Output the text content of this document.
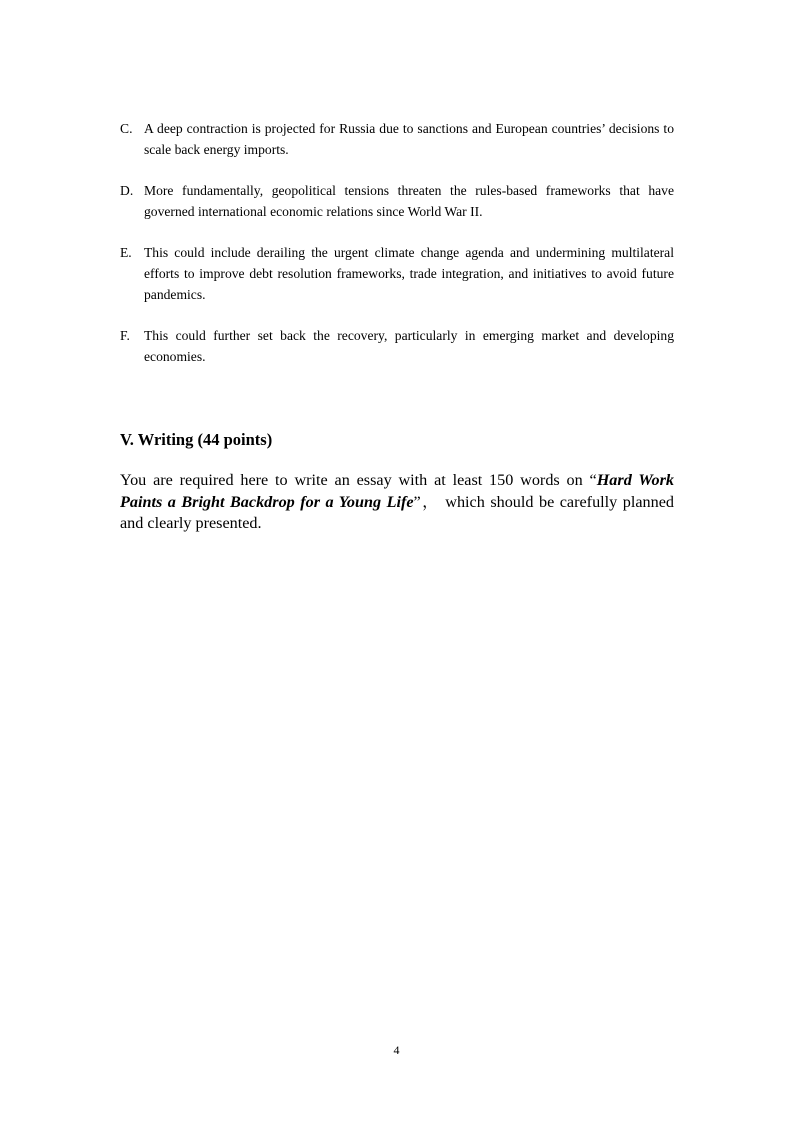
C. A deep contraction is projected for Russia due to sanctions and European countries’ decisions to scale back energy imports.
D. More fundamentally, geopolitical tensions threaten the rules-based frameworks that have governed international economic relations since World War II.
E. This could include derailing the urgent climate change agenda and undermining multilateral efforts to improve debt resolution frameworks, trade integration, and initiatives to avoid future pandemics.
F. This could further set back the recovery, particularly in emerging market and developing economies.
V. Writing (44 points)

You are required here to write an essay with at least 150 words on “Hard Work Paints a Bright Backdrop for a Young Life”， which should be carefully planned and clearly presented.

4
